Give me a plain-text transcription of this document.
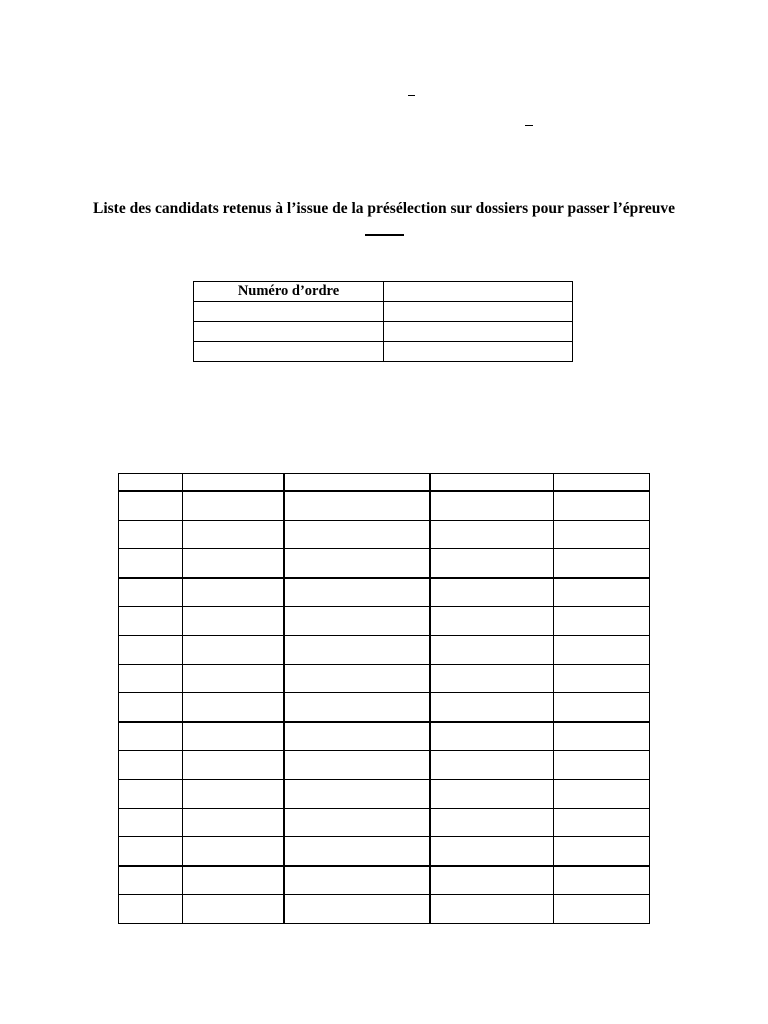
Liste des candidats retenus à l’issue de la présélection sur dossiers pour passer l’épreuve
Numéro d’ordre	
